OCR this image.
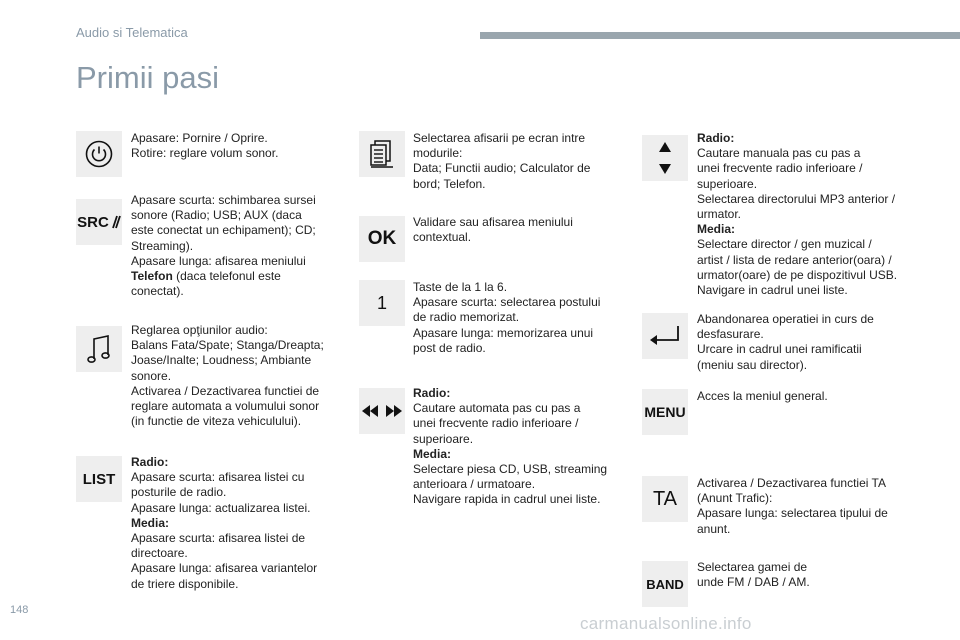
Audio si Telematica
Primii pasi
Apasare: Pornire / Oprire.
Rotire: reglare volum sonor.
SRC
Apasare scurta: schimbarea sursei
sonore (Radio; USB; AUX (daca
este conectat un echipament); CD;
Streaming).
Apasare lunga: afisarea meniului
Telefon (daca telefonul este
conectat).
Reglarea opţiunilor audio:
Balans Fata/Spate; Stanga/Dreapta;
Joase/Inalte; Loudness; Ambiante
sonore.
Activarea / Dezactivarea functiei de
reglare automata a volumului sonor
(in functie de viteza vehiculului).
LIST
Radio:
Apasare scurta: afisarea listei cu
posturile de radio.
Apasare lunga: actualizarea listei.
Media:
Apasare scurta: afisarea listei de
directoare.
Apasare lunga: afisarea variantelor
de triere disponibile.
Selectarea afisarii pe ecran intre
modurile:
Data; Functii audio; Calculator de
bord; Telefon.
OK
Validare sau afisarea meniului
contextual.
1
Taste de la 1 la 6.
Apasare scurta: selectarea postului
de radio memorizat.
Apasare lunga: memorizarea unui
post de radio.
Radio:
Cautare automata pas cu pas a
unei frecvente radio inferioare /
superioare.
Media:
Selectare piesa CD, USB, streaming
anterioara / urmatoare.
Navigare rapida in cadrul unei liste.
Radio:
Cautare manuala pas cu pas a
unei frecvente radio inferioare /
superioare.
Selectarea directorului MP3 anterior /
urmator.
Media:
Selectare director / gen muzical /
artist / lista de redare anterior(oara) /
urmator(oare) de pe dispozitivul USB.
Navigare in cadrul unei liste.
Abandonarea operatiei in curs de
desfasurare.
Urcare in cadrul unei ramificatii
(meniu sau director).
MENU
Acces la meniul general.
TA
Activarea / Dezactivarea functiei TA
(Anunt Trafic):
Apasare lunga: selectarea tipului de
anunt.
BAND
Selectarea gamei de
unde FM / DAB / AM.
148
carmanualsonline.info
